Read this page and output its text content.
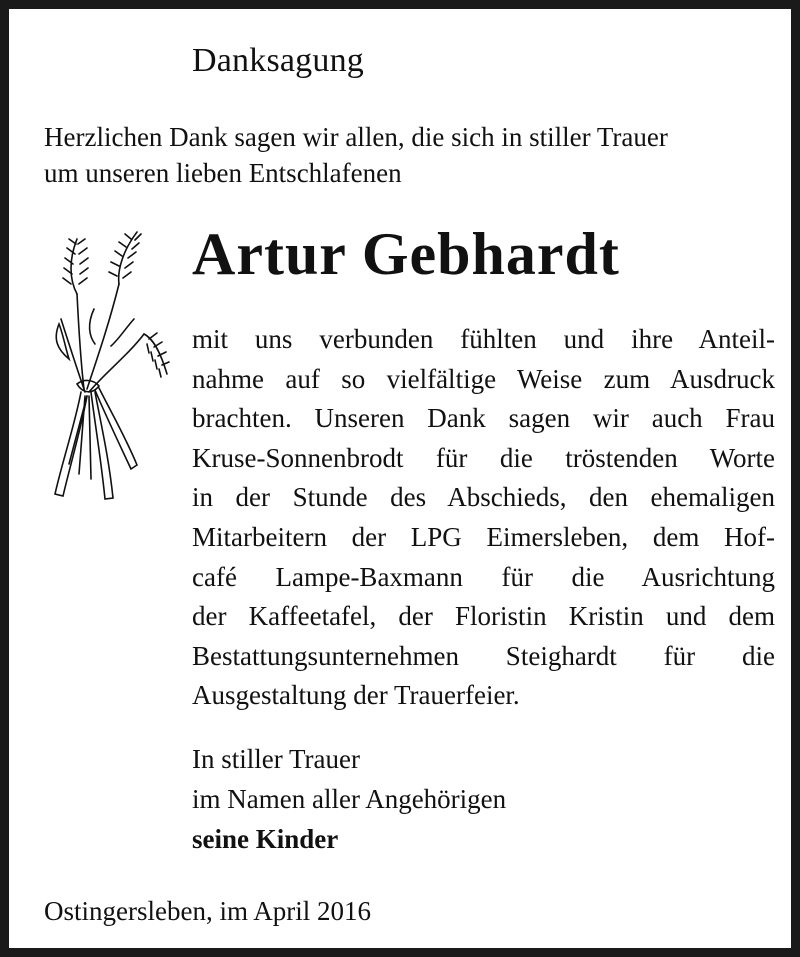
Danksagung
Herzlichen Dank sagen wir allen, die sich in stiller Trauer
um unseren lieben Entschlafenen
Artur Gebhardt
mit uns verbunden fühlten und ihre Anteil-
nahme auf so vielfältige Weise zum Ausdruck
brachten. Unseren Dank sagen wir auch Frau
Kruse-Sonnenbrodt für die tröstenden Worte
in der Stunde des Abschieds, den ehemaligen
Mitarbeitern der LPG Eimersleben, dem Hof-
café Lampe-Baxmann für die Ausrichtung
der Kaffeetafel, der Floristin Kristin und dem
Bestattungsunternehmen Steighardt für die
Ausgestaltung der Trauerfeier.
In stiller Trauer
im Namen aller Angehörigen
seine Kinder
Ostingersleben, im April 2016
